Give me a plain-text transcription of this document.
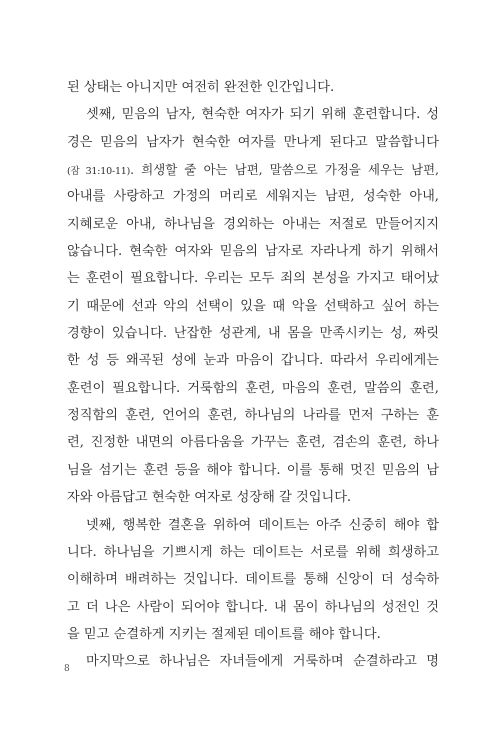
된 상태는 아니지만 여전히 완전한 인간입니다.
셋째, 믿음의 남자, 현숙한 여자가 되기 위해 훈련합니다. 성
경은 믿음의 남자가 현숙한 여자를 만나게 된다고 말씀합니다
(잠 31:10-11). 희생할 줄 아는 남편, 말씀으로 가정을 세우는 남편,
아내를 사랑하고 가정의 머리로 세워지는 남편, 성숙한 아내,
지혜로운 아내, 하나님을 경외하는 아내는 저절로 만들어지지
않습니다. 현숙한 여자와 믿음의 남자로 자라나게 하기 위해서
는 훈련이 필요합니다. 우리는 모두 죄의 본성을 가지고 태어났
기 때문에 선과 악의 선택이 있을 때 악을 선택하고 싶어 하는
경향이 있습니다. 난잡한 성관계, 내 몸을 만족시키는 성, 짜릿
한 성 등 왜곡된 성에 눈과 마음이 갑니다. 따라서 우리에게는
훈련이 필요합니다. 거룩함의 훈련, 마음의 훈련, 말씀의 훈련,
정직함의 훈련, 언어의 훈련, 하나님의 나라를 먼저 구하는 훈
련, 진정한 내면의 아름다움을 가꾸는 훈련, 겸손의 훈련, 하나
님을 섬기는 훈련 등을 해야 합니다. 이를 통해 멋진 믿음의 남
자와 아름답고 현숙한 여자로 성장해 갈 것입니다.
넷째, 행복한 결혼을 위하여 데이트는 아주 신중히 해야 합
니다. 하나님을 기쁘시게 하는 데이트는 서로를 위해 희생하고
이해하며 배려하는 것입니다. 데이트를 통해 신앙이 더 성숙하
고 더 나은 사람이 되어야 합니다. 내 몸이 하나님의 성전인 것
을 믿고 순결하게 지키는 절제된 데이트를 해야 합니다.
마지막으로 하나님은 자녀들에게 거룩하며 순결하라고 명
8
